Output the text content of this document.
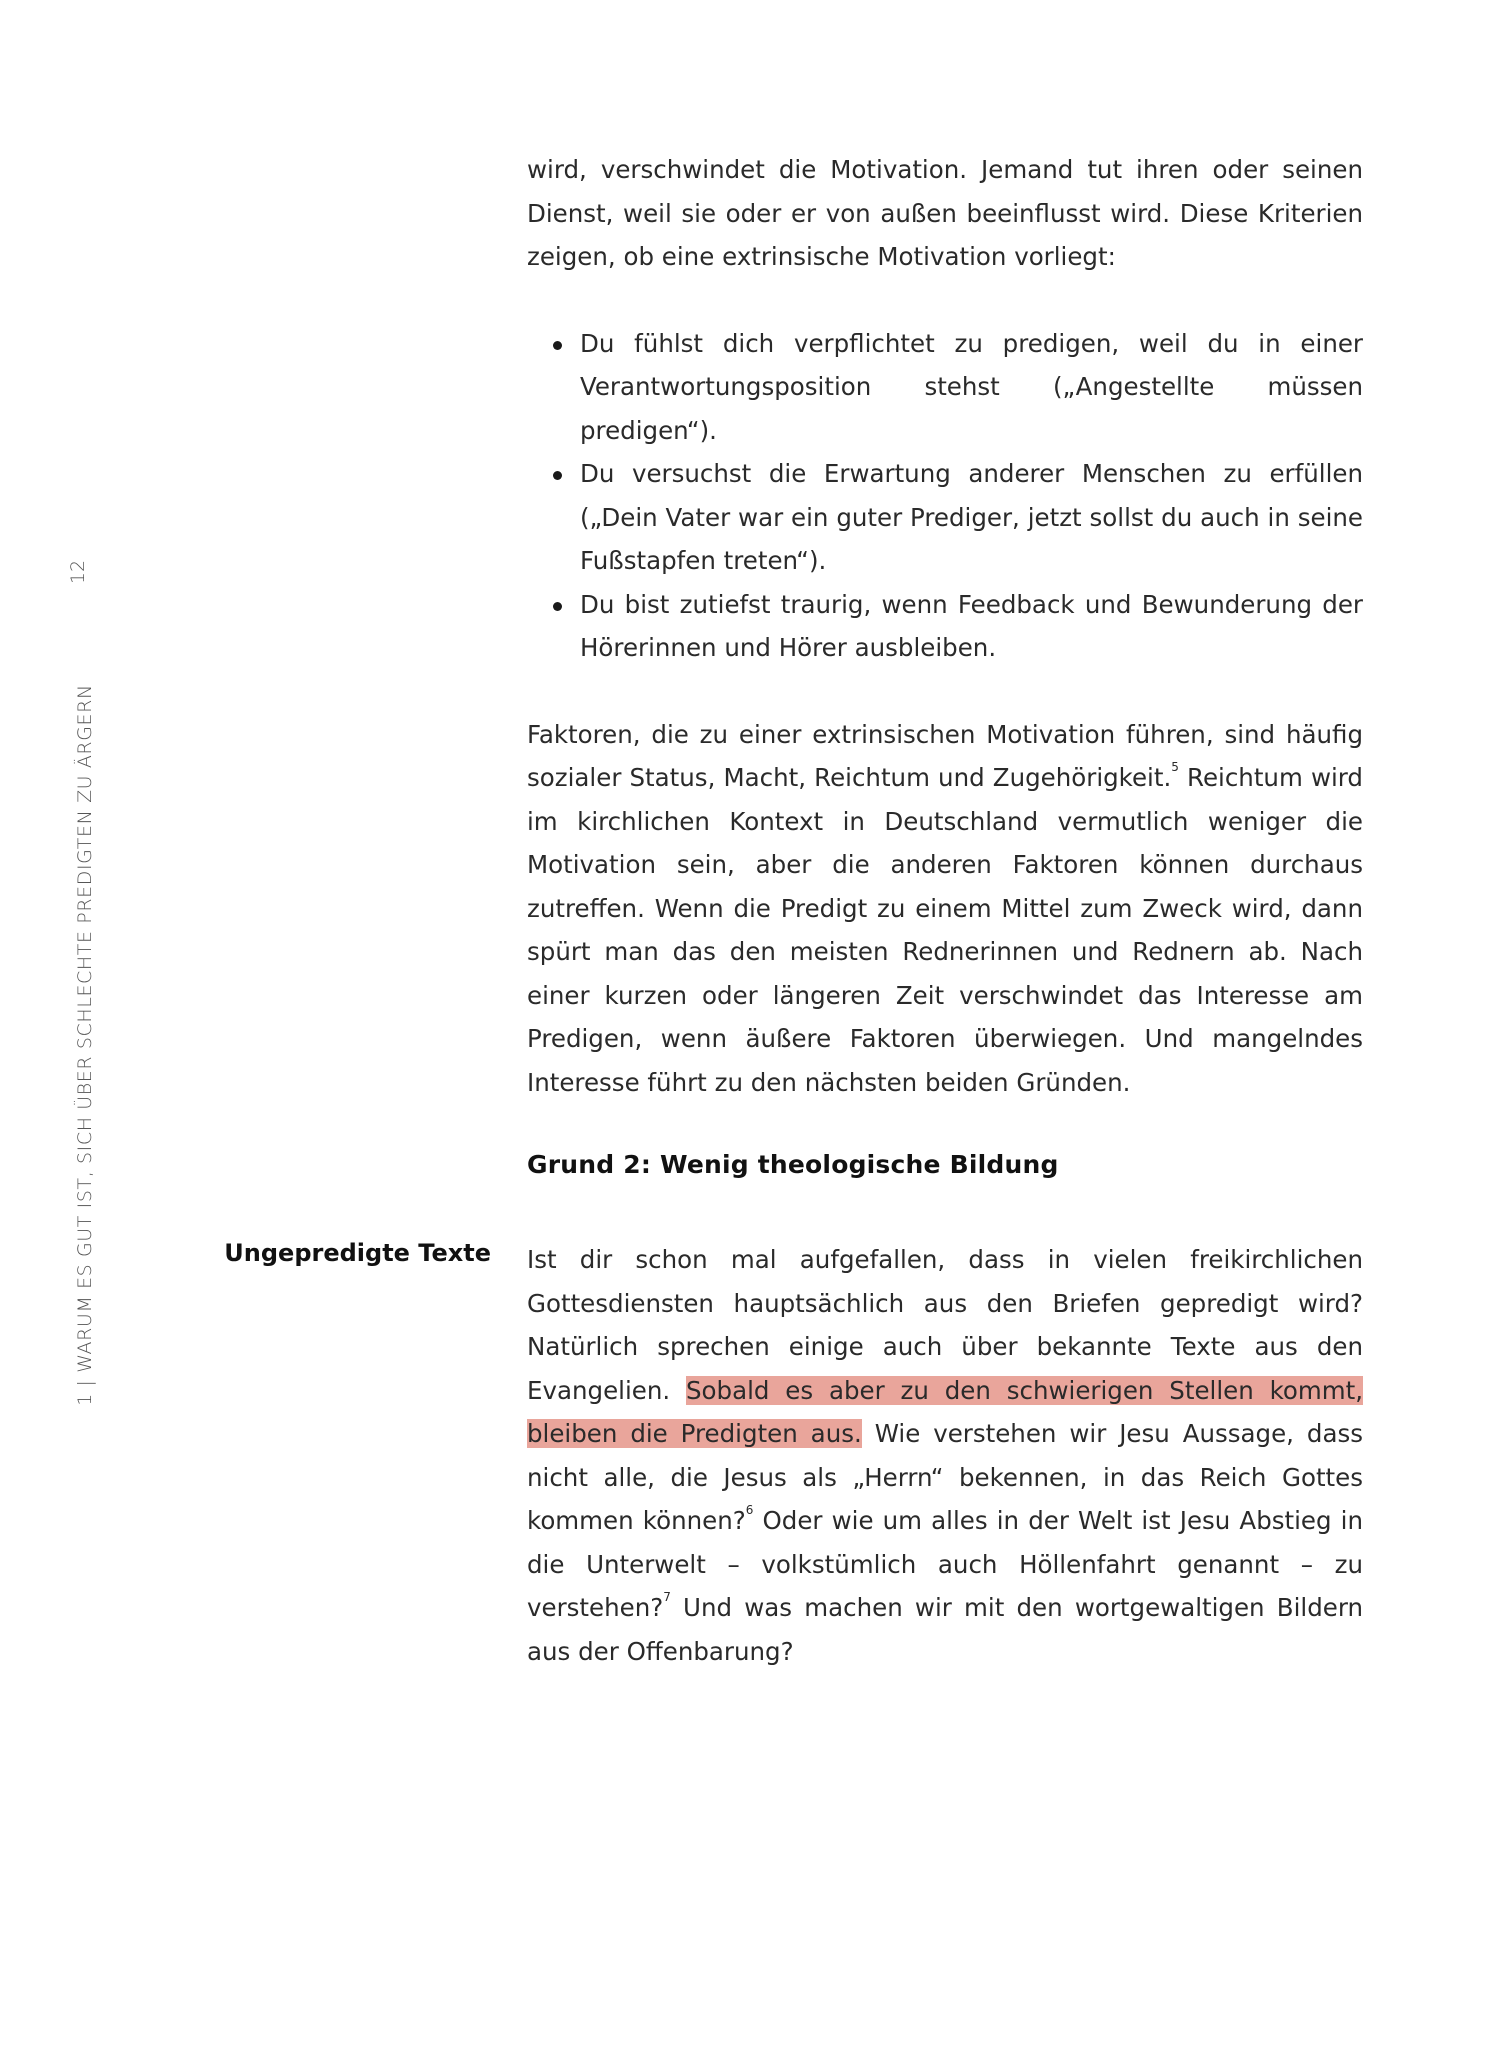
1 | WARUM ES GUT IST, SICH ÜBER SCHLECHTE PREDIGTEN ZU ÄRGERN
12

wird, verschwindet die Motivation. Jemand tut ihren oder seinen Dienst, weil sie oder er von außen beeinflusst wird. Diese Kriterien zeigen, ob eine extrinsische Motivation vorliegt:

Du fühlst dich verpflichtet zu predigen, weil du in einer Verantwortungsposition stehst („Angestellte müssen predigen“).
Du versuchst die Erwartung anderer Menschen zu erfüllen („Dein Vater war ein guter Prediger, jetzt sollst du auch in seine Fußstapfen treten“).
Du bist zutiefst traurig, wenn Feedback und Bewunderung der Hörerinnen und Hörer ausbleiben.

Faktoren, die zu einer extrinsischen Motivation führen, sind häufig sozialer Status, Macht, Reichtum und Zugehörigkeit.$^5$ Reichtum wird im kirchlichen Kontext in Deutschland vermutlich weniger die Motivation sein, aber die anderen Faktoren können durchaus zutreffen. Wenn die Predigt zu einem Mittel zum Zweck wird, dann spürt man das den meisten Rednerinnen und Rednern ab. Nach einer kurzen oder längeren Zeit verschwindet das Interesse am Predigen, wenn äußere Faktoren überwiegen. Und mangelndes Interesse führt zu den nächsten beiden Gründen.

Grund 2: Wenig theologische Bildung
Ungepredigte Texte Ist dir schon mal aufgefallen, dass in vielen freikirchlichen Gottesdiensten hauptsächlich aus den Briefen gepredigt wird? Natürlich sprechen einige auch über bekannte Texte aus den Evangelien. Sobald es aber zu den schwierigen Stellen kommt, bleiben die Predigten aus. Wie verstehen wir Jesu Aussage, dass nicht alle, die Jesus als „Herrn“ bekennen, in das Reich Gottes kommen können?$^6$ Oder wie um alles in der Welt ist Jesu Abstieg in die Unterwelt – volkstümlich auch Höllenfahrt genannt – zu verstehen?$^7$ Und was machen wir mit den wortgewaltigen Bildern aus der Offenbarung?
